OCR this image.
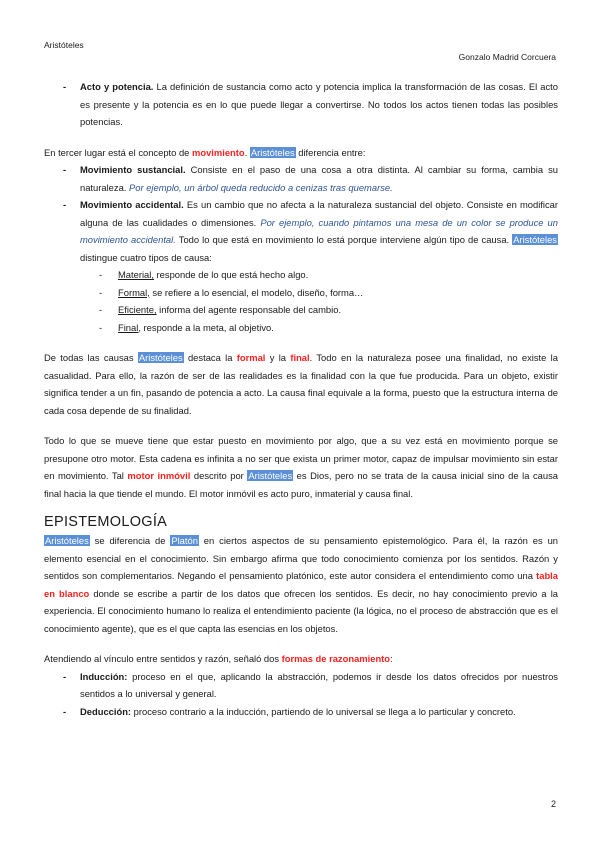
Aristóteles
Gonzalo Madrid Corcuera
- Acto y potencia. La definición de sustancia como acto y potencia implica la transformación de las cosas. El acto es presente y la potencia es en lo que puede llegar a convertirse. No todos los actos tienen todas las posibles potencias.

En tercer lugar está el concepto de movimiento. Aristóteles diferencia entre:

- Movimiento sustancial. Consiste en el paso de una cosa a otra distinta. Al cambiar su forma, cambia su naturaleza. Por ejemplo, un árbol queda reducido a cenizas tras quemarse.
- Movimiento accidental. Es un cambio que no afecta a la naturaleza sustancial del objeto. Consiste en modificar alguna de las cualidades o dimensiones. Por ejemplo, cuando pintamos una mesa de un color se produce un movimiento accidental. Todo lo que está en movimiento lo está porque interviene algún tipo de causa. Aristóteles distingue cuatro tipos de causa:
- Material, responde de lo que está hecho algo.
- Formal, se refiere a lo esencial, el modelo, diseño, forma…
- Eficiente, informa del agente responsable del cambio.
- Final, responde a la meta, al objetivo.

De todas las causas Aristóteles destaca la formal y la final. Todo en la naturaleza posee una finalidad, no existe la casualidad. Para ello, la razón de ser de las realidades es la finalidad con la que fue producida. Para un objeto, existir significa tender a un fin, pasando de potencia a acto. La causa final equivale a la forma, puesto que la estructura interna de cada cosa depende de su finalidad.

Todo lo que se mueve tiene que estar puesto en movimiento por algo, que a su vez está en movimiento porque se presupone otro motor. Esta cadena es infinita a no ser que exista un primer motor, capaz de impulsar movimiento sin estar en movimiento. Tal motor inmóvil descrito por Aristóteles es Dios, pero no se trata de la causa inicial sino de la causa final hacia la que tiende el mundo. El motor inmóvil es acto puro, inmaterial y causa final.

EPISTEMOLOGÍA

Aristóteles se diferencia de Platón en ciertos aspectos de su pensamiento epistemológico. Para él, la razón es un elemento esencial en el conocimiento. Sin embargo afirma que todo conocimiento comienza por los sentidos. Razón y sentidos son complementarios. Negando el pensamiento platónico, este autor considera el entendimiento como una tabla en blanco donde se escribe a partir de los datos que ofrecen los sentidos. Es decir, no hay conocimiento previo a la experiencia. El conocimiento humano lo realiza el entendimiento paciente (la lógica, no el proceso de abstracción que es el conocimiento agente), que es el que capta las esencias en los objetos.

Atendiendo al vínculo entre sentidos y razón, señaló dos formas de razonamiento:

- Inducción: proceso en el que, aplicando la abstracción, podemos ir desde los datos ofrecidos por nuestros sentidos a lo universal y general.
- Deducción: proceso contrario a la inducción, partiendo de lo universal se llega a lo particular y concreto.
2
